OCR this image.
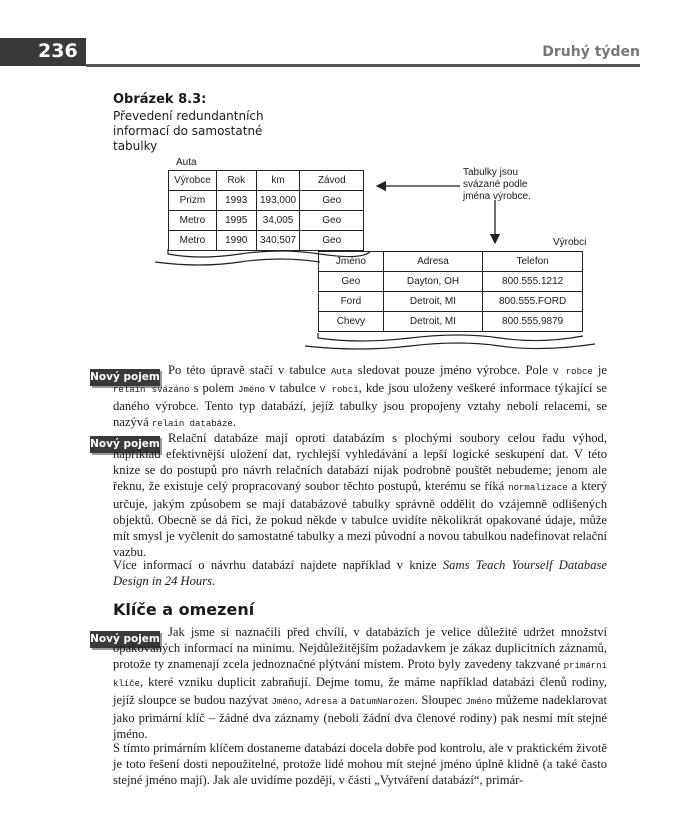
236	Druhý týden
Obrázek 8.3:
Převedení redundantních informací do samostatné tabulky
Auta
Výrobce	Rok	km	Závod
Prizm	1993	193,000	Geo
Metro	1995	34,005	Geo
Metro	1990	340,507	Geo
Tabulky jsou svázané podle jména výrobce.
Výrobci
Jméno	Adresa	Telefon
Geo	Dayton, OH	800.555.1212
Ford	Detroit, MI	800.555.FORD
Chevy	Detroit, MI	800.555.9879
Nový pojem Po této úpravě stačí v tabulce Auta sledovat pouze jméno výrobce. Pole V robce je relain svázáno s polem Jméno v tabulce V robci, kde jsou uloženy veškeré informace týkající se daného výrobce. Tento typ databází, jejíž tabulky jsou propojeny vztahy neboli relacemi, se nazývá relain databáze.
Nový pojem Relační databáze mají oproti databázím s plochými soubory celou řadu výhod, například efektivnější uložení dat, rychlejší vyhledávání a lepší logické seskupení dat. V této knize se do postupů pro návrh relačních databází nijak podrobně pouštět nebudeme; jenom ale řeknu, že existuje celý propracovaný soubor těchto postupů, kterému se říká normalizace a který určuje, jakým způsobem se mají databázové tabulky správně oddělit do vzájemně odlišených objektů. Obecně se dá říci, že pokud někde v tabulce uvidíte několikrát opakované údaje, může mít smysl je vyčlenit do samostatné tabulky a mezi původní a novou tabulkou nadefinovat relační vazbu.
Více informací o návrhu databází najdete například v knize Sams Teach Yourself Database Design in 24 Hours.
Klíče a omezení
Nový pojem Jak jsme si naznačili před chvílí, v databázích je velice důležité udržet množství opakovaných informací na minimu. Nejdůležitějším požadavkem je zákaz duplicitních záznamů, protože ty znamenají zcela jednoznačné plýtvání místem. Proto byly zavedeny takzvané primární klíče, které vzniku duplicit zabraňují. Dejme tomu, že máme například databázi členů rodiny, jejíž sloupce se budou nazývat Jméno, Adresa a DatumNarozen. Sloupec Jméno můžeme nadeklarovat jako primární klíč – žádné dva záznamy (neboli žádní dva členové rodiny) pak nesmí mít stejné jméno.
S tímto primárním klíčem dostaneme databázi docela dobře pod kontrolu, ale v praktickém životě je toto řešení dosti nepoužitelné, protože lidé mohou mít stejné jméno úplně klidně (a také často stejné jméno mají). Jak ale uvidíme později, v části „Vytváření databází“, primár-
